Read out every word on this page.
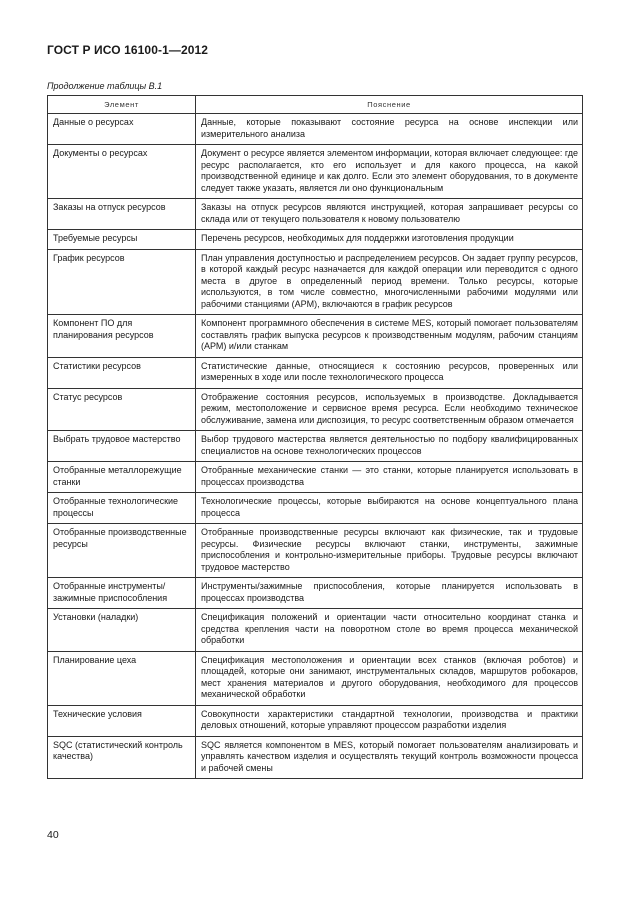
ГОСТ Р ИСО 16100-1—2012
Продолжение таблицы В.1
Элемент	Пояснение
Данные о ресурсах	Данные, которые показывают состояние ресурса на основе инспекции или измерительного анализа
Документы о ресурсах	Документ о ресурсе является элементом информации, которая включает следующее: где ресурс располагается, кто его использует и для какого процесса, на какой производственной единице и как долго. Если это элемент оборудования, то в документе следует также указать, является ли оно функциональным
Заказы на отпуск ресурсов	Заказы на отпуск ресурсов являются инструкцией, которая запрашивает ресурсы со склада или от текущего пользователя к новому пользователю
Требуемые ресурсы	Перечень ресурсов, необходимых для поддержки изготовления продукции
График ресурсов	План управления доступностью и распределением ресурсов. Он задает группу ресурсов, в которой каждый ресурс назначается для каждой операции или переводится с одного места в другое в определенный период времени. Только ресурсы, которые используются, в том числе совместно, многочисленными рабочими модулями или рабочими станциями (АРМ), включаются в график ресурсов
Компонент ПО для планирования ресурсов	Компонент программного обеспечения в системе MES, который помогает пользователям составлять график выпуска ресурсов к производственным модулям, рабочим станциям (АРМ) и/или станкам
Статистики ресурсов	Статистические данные, относящиеся к состоянию ресурсов, проверенных или измеренных в ходе или после технологического процесса
Статус ресурсов	Отображение состояния ресурсов, используемых в производстве. Докладывается режим, местоположение и сервисное время ресурса. Если необходимо техническое обслуживание, замена или диспозиция, то ресурс соответственным образом отмечается
Выбрать трудовое мастерство	Выбор трудового мастерства является деятельностью по подбору квалифицированных специалистов на основе технологических процессов
Отобранные металлорежущие станки	Отобранные механические станки — это станки, которые планируется использовать в процессах производства
Отобранные технологические процессы	Технологические процессы, которые выбираются на основе концептуального плана процесса
Отобранные производственные ресурсы	Отобранные производственные ресурсы включают как физические, так и трудовые ресурсы. Физические ресурсы включают станки, инструменты, зажимные приспособления и контрольно-измерительные приборы. Трудовые ресурсы включают трудовое мастерство
Отобранные инструменты/зажимные приспособления	Инструменты/зажимные приспособления, которые планируется использовать в процессах производства
Установки (наладки)	Спецификация положений и ориентации части относительно координат станка и средства крепления части на поворотном столе во время процесса механической обработки
Планирование цеха	Спецификация местоположения и ориентации всех станков (включая роботов) и площадей, которые они занимают, инструментальных складов, маршрутов робокаров, мест хранения материалов и другого оборудования, необходимого для процессов механической обработки
Технические условия	Совокупности характеристики стандартной технологии, производства и практики деловых отношений, которые управляют процессом разработки изделия
SQC (статистический контроль качества)	SQC является компонентом в MES, который помогает пользователям анализировать и управлять качеством изделия и осуществлять текущий контроль возможности процесса и рабочей смены
40
